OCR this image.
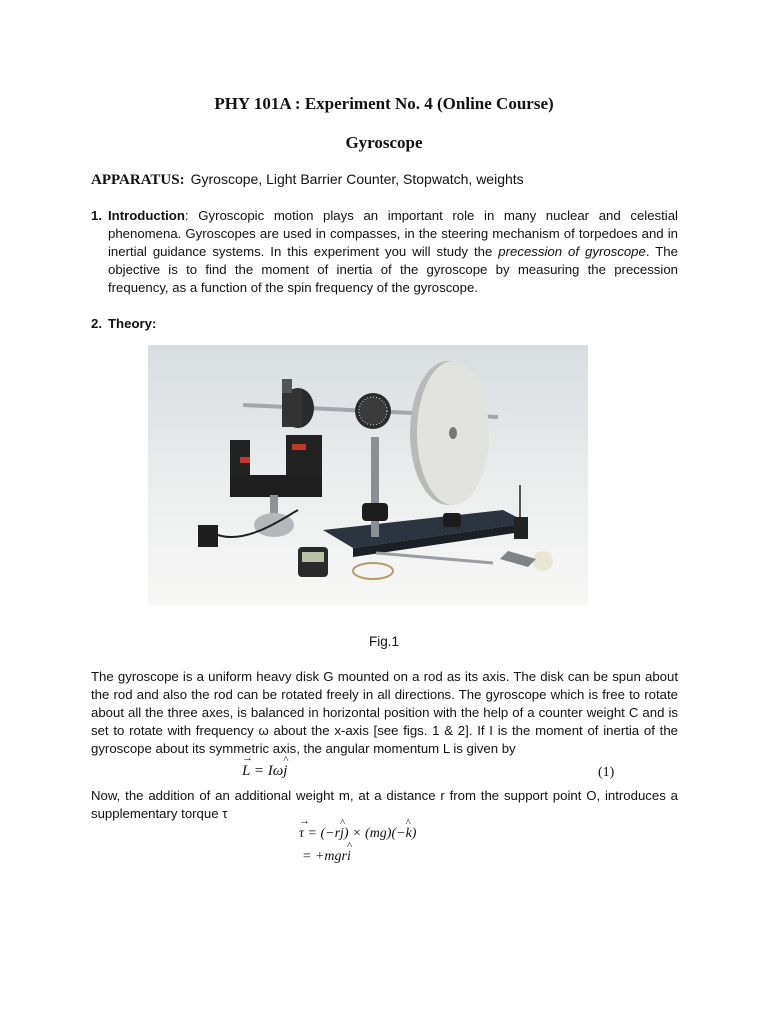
PHY 101A : Experiment No. 4 (Online Course)
Gyroscope
APPARATUS: Gyroscope, Light Barrier Counter, Stopwatch, weights
1. Introduction: Gyroscopic motion plays an important role in many nuclear and celestial phenomena. Gyroscopes are used in compasses, in the steering mechanism of torpedoes and in inertial guidance systems. In this experiment you will study the precession of gyroscope. The objective is to find the moment of inertia of the gyroscope by measuring the precession frequency, as a function of the spin frequency of the gyroscope.
2. Theory:
Fig.1
The gyroscope is a uniform heavy disk G mounted on a rod as its axis. The disk can be spun about the rod and also the rod can be rotated freely in all directions. The gyroscope which is free to rotate about all the three axes, is balanced in horizontal position with the help of a counter weight C and is set to rotate with frequency ω about the x-axis [see figs. 1 & 2]. If I is the moment of inertia of the gyroscope about its symmetric axis, the angular momentum L is given by
→ L = Iω^ j	(1)
Now, the addition of an additional weight m, at a distance r from the support point O, introduces a supplementary torque τ
→ τ = (−r^ j) × (mg)(−^ k)
= +mgr^ i
